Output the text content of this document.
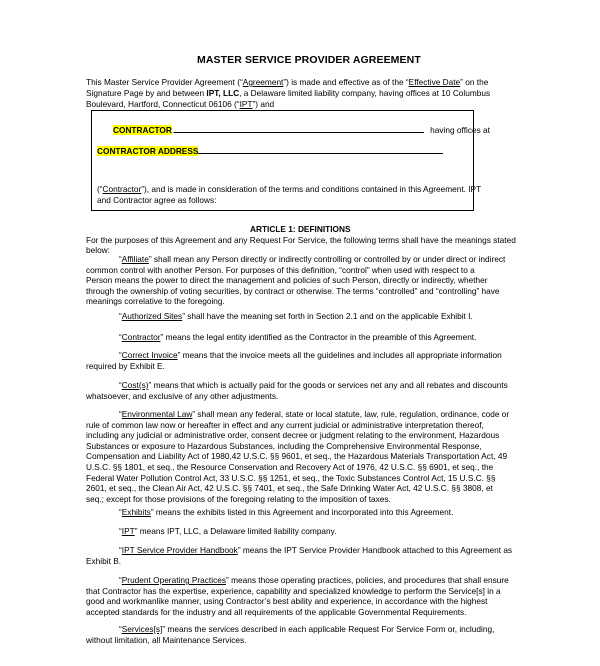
MASTER SERVICE PROVIDER AGREEMENT
This Master Service Provider Agreement (“Agreement”) is made and effective as of the “Effective Date” on the
Signature Page by and between IPT, LLC, a Delaware limited liability company, having offices at 10 Columbus
Boulevard, Hartford, Connecticut 06106 (“IPT”) and
CONTRACTOR.	having offices at
CONTRACTOR ADDRESS
(“Contractor”), and is made in consideration of the terms and conditions contained in this Agreement. IPT
and Contractor agree as follows:
ARTICLE 1: DEFINITIONS
For the purposes of this Agreement and any Request For Service, the following terms shall have the meanings stated
below:
“Affiliate” shall mean any Person directly or indirectly controlling or controlled by or under direct or indirect
common control with another Person. For purposes of this definition, “control” when used with respect to a
Person means the power to direct the management and policies of such Person, directly or indirectly, whether
through the ownership of voting securities, by contract or otherwise. The terms “controlled” and “controlling” have
meanings correlative to the foregoing.
“Authorized Sites” shall have the meaning set forth in Section 2.1 and on the applicable Exhibit I.
“Contractor” means the legal entity identified as the Contractor in the preamble of this Agreement.
“Correct Invoice” means that the invoice meets all the guidelines and includes all appropriate information
required by Exhibit E.
“Cost(s)” means that which is actually paid for the goods or services net any and all rebates and discounts
whatsoever, and exclusive of any other adjustments.
“Environmental Law” shall mean any federal, state or local statute, law, rule, regulation, ordinance, code or
rule of common law now or hereafter in effect and any current judicial or administrative interpretation thereof,
including any judicial or administrative order, consent decree or judgment relating to the environment, Hazardous
Substances or exposure to Hazardous Substances, including the Comprehensive Environmental Response,
Compensation and Liability Act of 1980,42 U.S.C. §§ 9601, et seq., the Hazardous Materials Transportation Act, 49
U.S.C. §§ 1801, et seq., the Resource Conservation and Recovery Act of 1976, 42 U.S.C. §§ 6901, et seq., the
Federal Water Pollution Control Act, 33 U.S.C. §§ 1251, et seq., the Toxic Substances Control Act, 15 U.S.C. §§
2601, et seq., the Clean Air Act, 42 U.S.C. §§ 7401, et seq., the Safe Drinking Water Act, 42 U.S.C. §§ 3808, et
seq.; except for those provisions of the foregoing relating to the imposition of taxes.
“Exhibits” means the exhibits listed in this Agreement and incorporated into this Agreement.
“IPT” means IPT, LLC, a Delaware limited liability company.
“IPT Service Provider Handbook” means the IPT Service Provider Handbook attached to this Agreement as
Exhibit B.
“Prudent Operating Practices” means those operating practices, policies, and procedures that shall ensure
that Contractor has the expertise, experience, capability and specialized knowledge to perform the Service[s] in a
good and workmanlike manner, using Contractor’s best ability and experience, in accordance with the highest
accepted standards for the industry and all requirements of the applicable Governmental Requirements.
“Services[s]” means the services described in each applicable Request For Service Form or, including,
without limitation, all Maintenance Services.
